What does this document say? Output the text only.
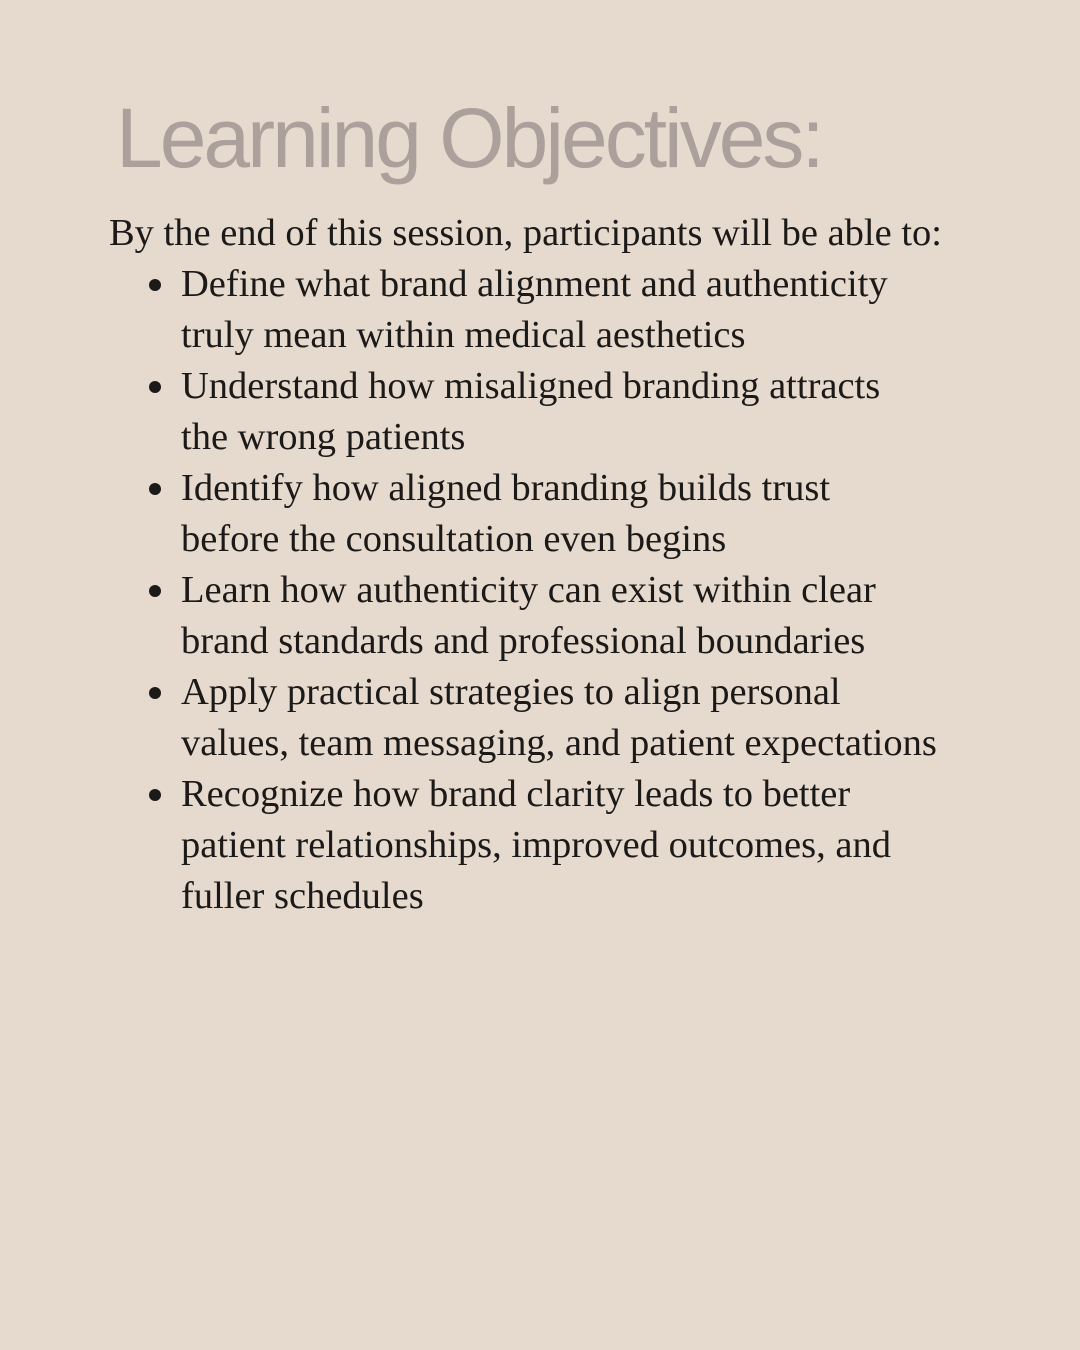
Learning Objectives:

By the end of this session, participants will be able to:

Define what brand alignment and authenticity
truly mean within medical aesthetics
Understand how misaligned branding attracts
the wrong patients
Identify how aligned branding builds trust
before the consultation even begins
Learn how authenticity can exist within clear
brand standards and professional boundaries
Apply practical strategies to align personal
values, team messaging, and patient expectations
Recognize how brand clarity leads to better
patient relationships, improved outcomes, and
fuller schedules
